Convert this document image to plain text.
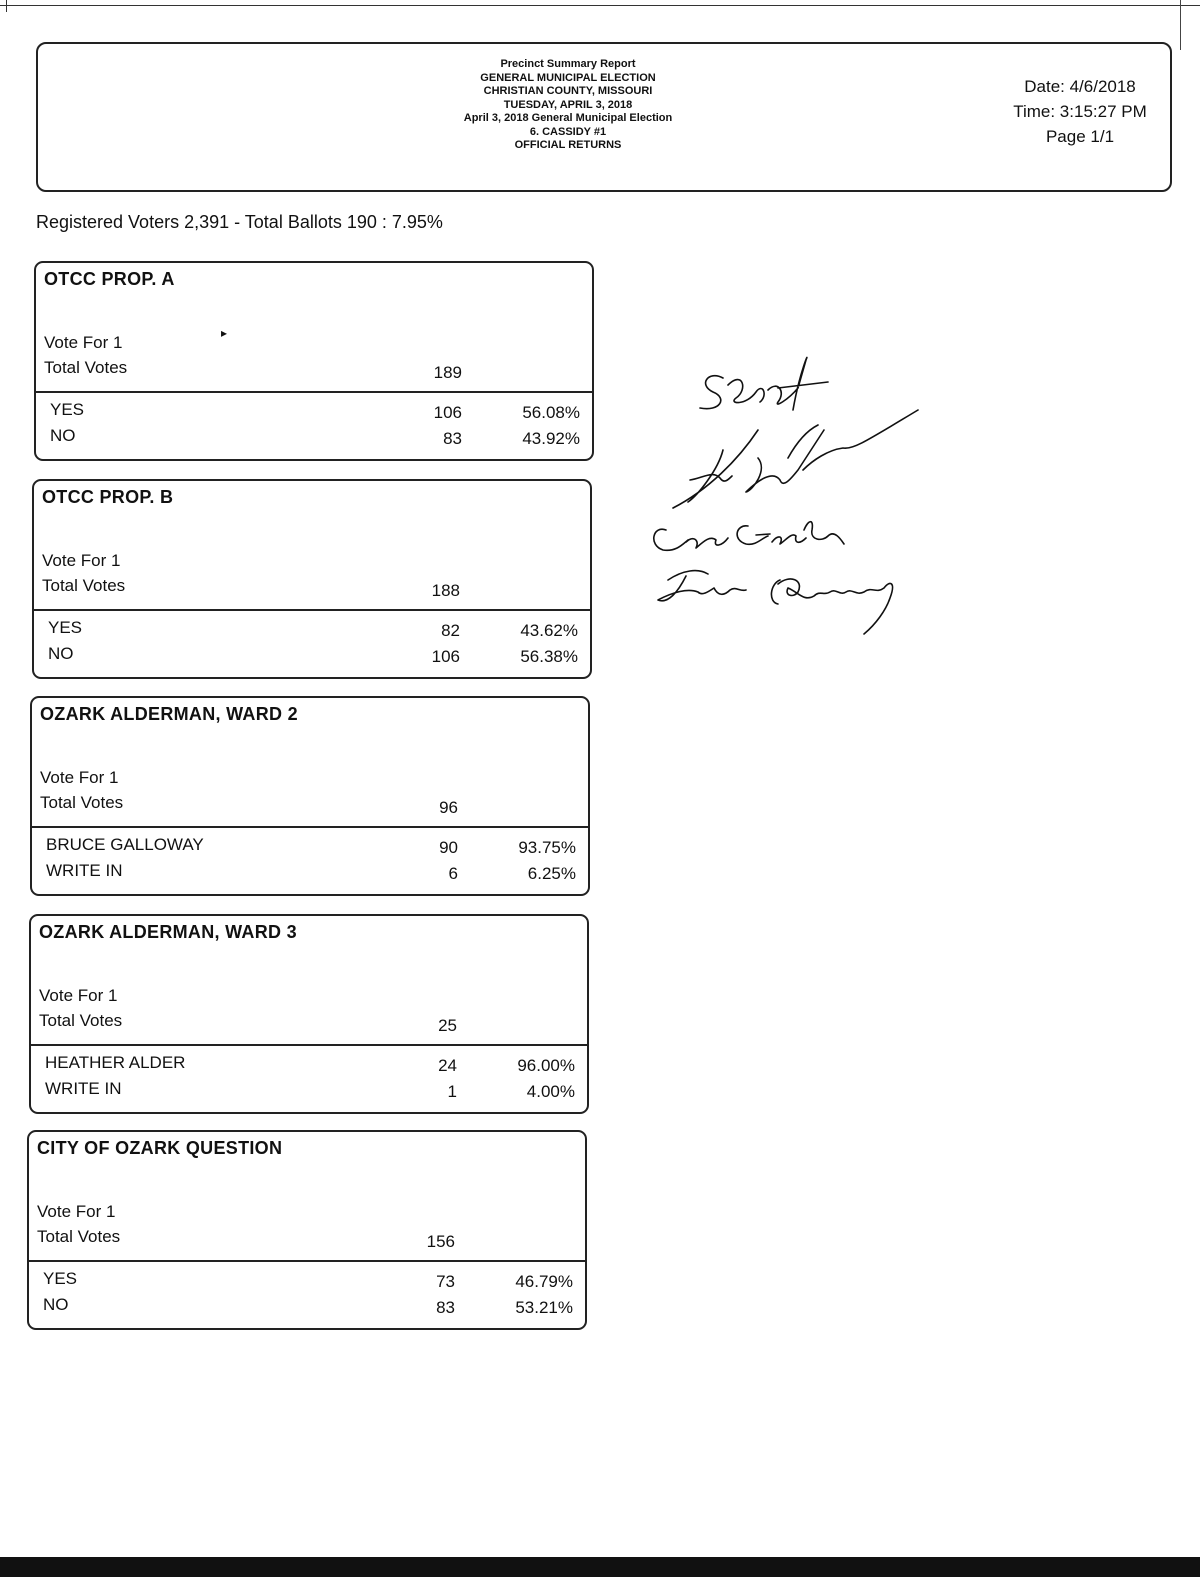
Precinct Summary Report
GENERAL MUNICIPAL ELECTION
CHRISTIAN COUNTY, MISSOURI
TUESDAY, APRIL 3, 2018
April 3, 2018 General Municipal Election
6. CASSIDY #1
OFFICIAL RETURNS
Date: 4/6/2018
Time: 3:15:27 PM
Page 1/1
Registered Voters 2,391 - Total Ballots 190 : 7.95%
OTCC PROP. A
Vote For 1
Total Votes	189
YES	106	56.08%
NO	83	43.92%
OTCC PROP. B
Vote For 1
Total Votes	188
YES	82	43.62%
NO	106	56.38%
OZARK ALDERMAN, WARD 2
Vote For 1
Total Votes	96
BRUCE GALLOWAY	90	93.75%
WRITE IN	6	6.25%
OZARK ALDERMAN, WARD 3
Vote For 1
Total Votes	25
HEATHER ALDER	24	96.00%
WRITE IN	1	4.00%
CITY OF OZARK QUESTION
Vote For 1
Total Votes	156
YES	73	46.79%
NO	83	53.21%
▸
